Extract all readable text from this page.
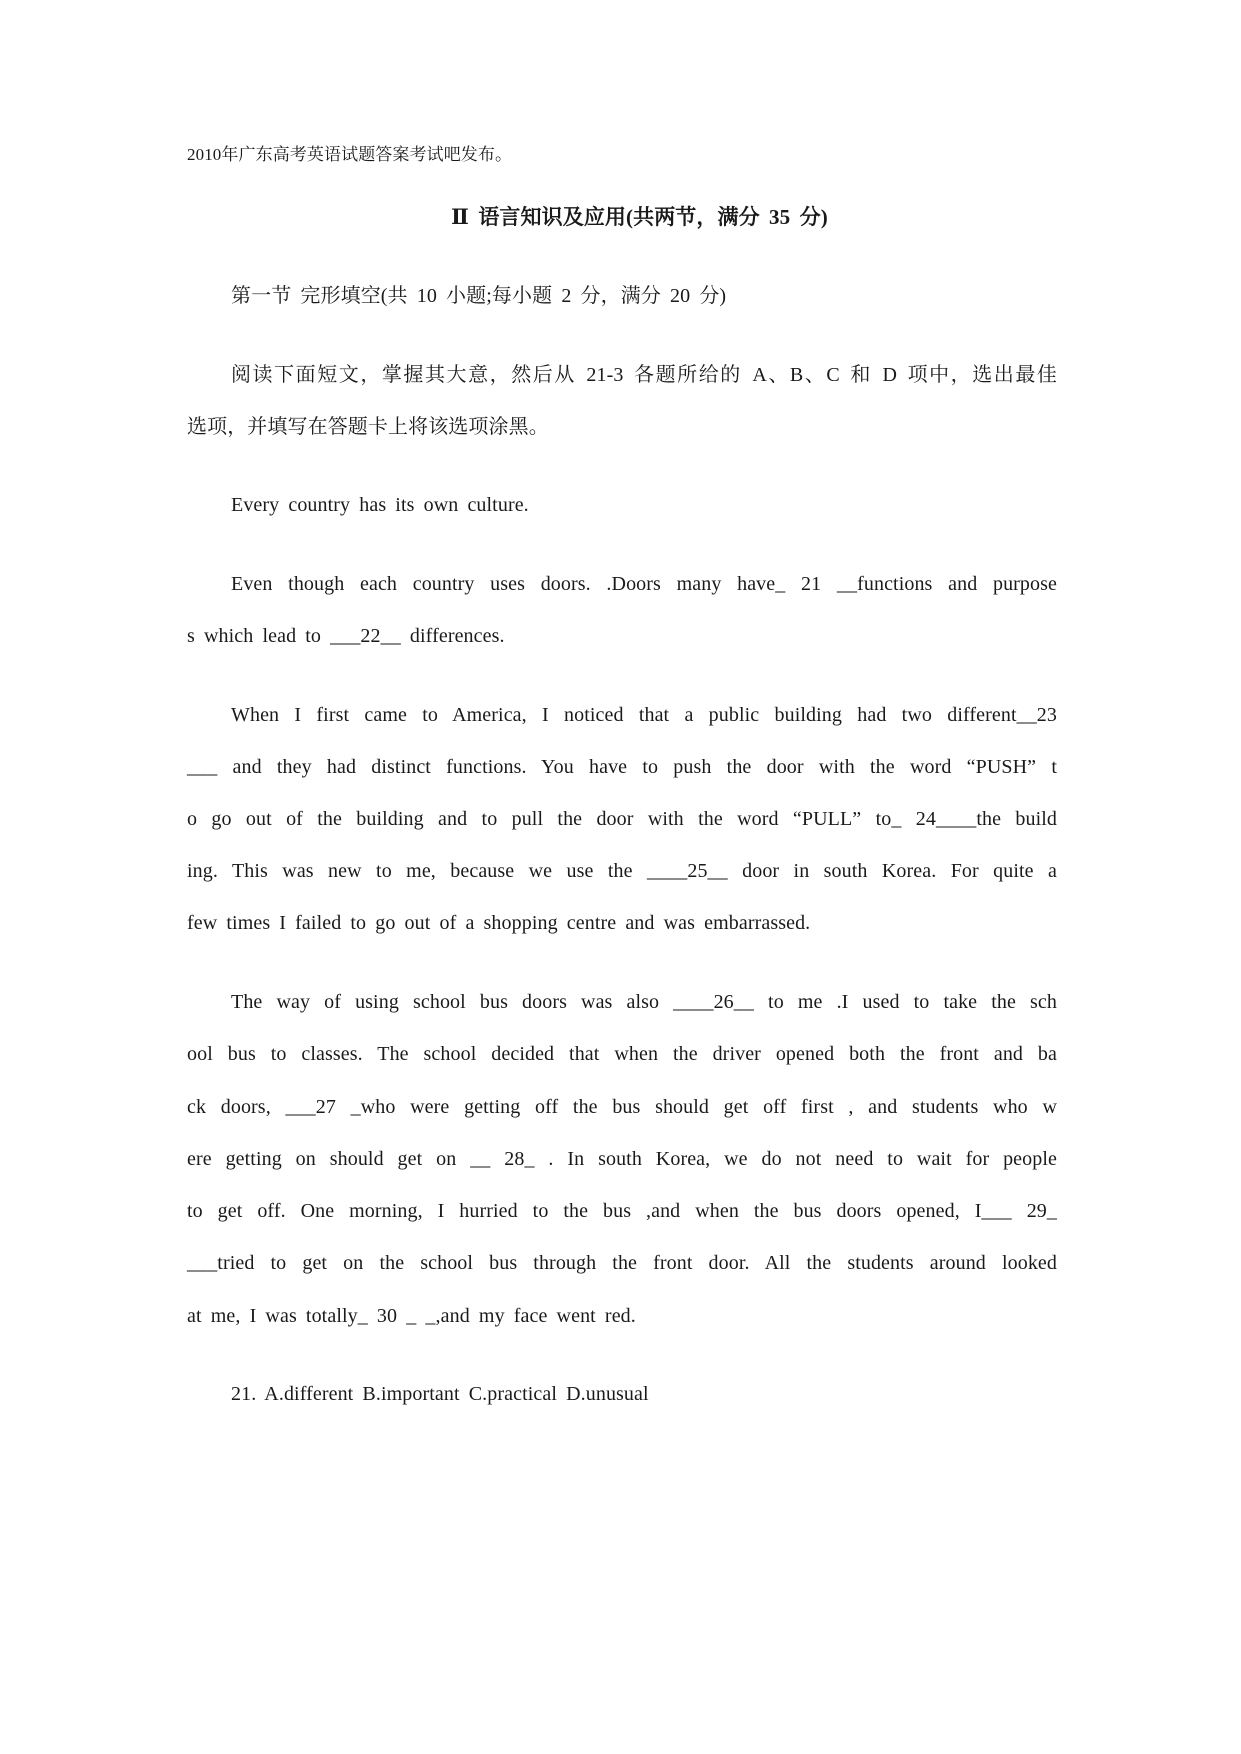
2010年广东高考英语试题答案考试吧发布。
Ⅱ 语言知识及应用(共两节，满分 35 分)
第一节 完形填空(共 10 小题;每小题 2 分，满分 20 分)
阅读下面短文，掌握其大意，然后从 21-3 各题所给的 A、B、C 和 D 项中，选出最佳
选项，并填写在答题卡上将该选项涂黑。
Every country has its own culture.
Even though each country uses doors. .Doors many have_ 21 __functions and purpose
s which lead to ___22__ differences.
When I first came to America, I noticed that a public building had two different__23
___ and they had distinct functions. You have to push the door with the word “PUSH” t
o go out of the building and to pull the door with the word “PULL” to_ 24____the build
ing. This was new to me, because we use the ____25__ door in south Korea. For quite a
few times I failed to go out of a shopping centre and was embarrassed.
The way of using school bus doors was also ____26__ to me .I used to take the sch
ool bus to classes. The school decided that when the driver opened both the front and ba
ck doors, ___27 _who were getting off the bus should get off first , and students who w
ere getting on should get on __ 28_ . In south Korea, we do not need to wait for people
to get off. One morning, I hurried to the bus ,and when the bus doors opened, I___ 29_
___tried to get on the school bus through the front door. All the students around looked
at me, I was totally_ 30 _ _,and my face went red.
21. A.different B.important C.practical D.unusual
